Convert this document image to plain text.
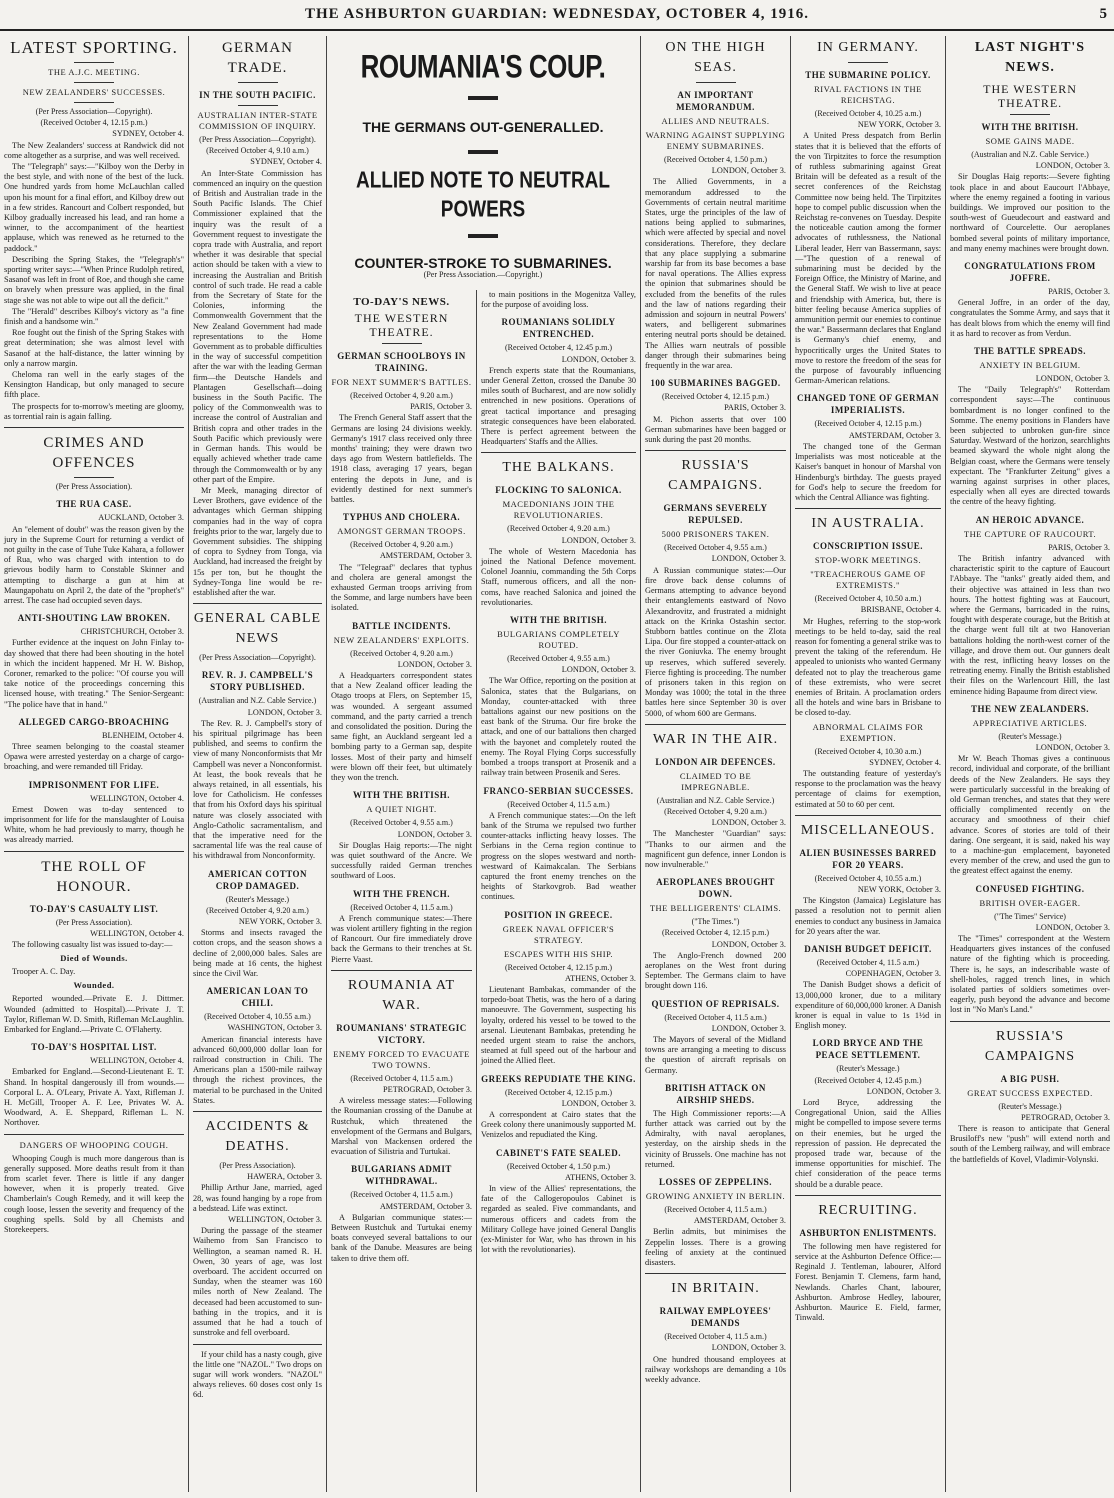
THE ASHBURTON GUARDIAN: WEDNESDAY, OCTOBER 4, 1916.	5
LATEST SPORTING.
THE A.J.C. MEETING.
NEW ZEALANDERS' SUCCESSES.

(Per Press Association—Copyright).

(Received October 4, 12.15 p.m.)

SYDNEY, October 4.

The New Zealanders' success at Randwick did not come altogether as a surprise, and was well received.

The "Telegraph" says:—"Kilboy won the Derby in the best style, and with none of the best of the luck. One hundred yards from home McLauchlan called upon his mount for a final effort, and Kilboy drew out in a few strides. Rancourt and Colbert responded, but Kilboy gradually increased his lead, and ran home a winner, to the accompaniment of the heartiest applause, which was renewed as he returned to the paddock."

Describing the Spring Stakes, the "Telegraph's" sporting writer says:—"When Prince Rudolph retired, Sasanof was left in front of Roe, and though she came on bravely when pressure was applied, in the final stage she was not able to wipe out all the deficit."

The "Herald" describes Kilboy's victory as "a fine finish and a handsome win."

Roe fought out the finish of the Spring Stakes with great determination; she was almost level with Sasanof at the half-distance, the latter winning by only a narrow margin.

Cheloma ran well in the early stages of the Kensington Handicap, but only managed to secure fifth place.

The prospects for to-morrow's meeting are gloomy, as torrential rain is again falling.

CRIMES AND OFFENCES

(Per Press Association).

THE RUA CASE.

AUCKLAND, October 3.

An "element of doubt" was the reason given by the jury in the Supreme Court for returning a verdict of not guilty in the case of Tuhe Tuke Kahara, a follower of Rua, who was charged with intention to do grievous bodily harm to Constable Skinner and attempting to discharge a gun at him at Maungapohatu on April 2, the date of the "prophet's" arrest. The case had occupied seven days.

ANTI-SHOUTING LAW BROKEN.

CHRISTCHURCH, October 3.

Further evidence at the inquest on John Finlay to-day showed that there had been shouting in the hotel in which the incident happened. Mr H. W. Bishop, Coroner, remarked to the police: "Of course you will take notice of the proceedings concerning this licensed house, with treating." The Senior-Sergeant: "The police have that in hand."

ALLEGED CARGO-BROACHING

BLENHEIM, October 4.

Three seamen belonging to the coastal steamer Opawa were arrested yesterday on a charge of cargo-broaching, and were remanded till Friday.

IMPRISONMENT FOR LIFE.

WELLINGTON, October 4.

Ernest Dowen was to-day sentenced to imprisonment for life for the manslaughter of Louisa White, whom he had previously to marry, though he was already married.

THE ROLL OF HONOUR.
TO-DAY'S CASUALTY LIST.

(Per Press Association).

WELLINGTON, October 4.

The following casualty list was issued to-day:—

Died of Wounds.

Trooper A. C. Day.

Wounded.

Reported wounded.—Private E. J. Dittmer. Wounded (admitted to Hospital).—Private J. T. Taylor, Rifleman W. D. Smith, Rifleman McLaughlin. Embarked for England.—Private C. O'Flaherty.

TO-DAY'S HOSPITAL LIST.

WELLINGTON, October 4.

Embarked for England.—Second-Lieutenant E. T. Shand. In hospital dangerously ill from wounds.—Corporal L. A. O'Leary, Private A. Yaxt, Rifleman J. H. McGill, Trooper A. F. Lee, Privates W. A. Woodward, A. E. Sheppard, Rifleman L. N. Northover.

DANGERS OF WHOOPING COUGH.

Whooping Cough is much more dangerous than is generally supposed. More deaths result from it than from scarlet fever. There is little if any danger however, when it is properly treated. Give Chamberlain's Cough Remedy, and it will keep the cough loose, lessen the severity and frequency of the coughing spells. Sold by all Chemists and Storekeepers.

GERMAN TRADE.
IN THE SOUTH PACIFIC.
AUSTRALIAN INTER-STATE COMMISSION OF INQUIRY.

(Per Press Association—Copyright).

(Received October 4, 9.10 a.m.)

SYDNEY, October 4.

An Inter-State Commission has commenced an inquiry on the question of British and Australian trade in the South Pacific Islands. The Chief Commissioner explained that the inquiry was the result of a Government request to investigate the copra trade with Australia, and report whether it was desirable that special action should be taken with a view to increasing the Australian and British control of such trade. He read a cable from the Secretary of State for the Colonies, informing the Commonwealth Government that the New Zealand Government had made representations to the Home Government as to probable difficulties in the way of successful competition after the war with the leading German firm—the Deutsche Handels and Plantagen Gesellschaft—doing business in the South Pacific. The policy of the Commonwealth was to increase the control of Australian and British copra and other trades in the South Pacific which previously were in German hands. This would be equally achieved whether trade came through the Commonwealth or by any other part of the Empire.

Mr Meek, managing director of Lever Brothers, gave evidence of the advantages which German shipping companies had in the way of copra freights prior to the war, largely due to Government subsidies. The shipping of copra to Sydney from Tonga, via Auckland, had increased the freight by 15s per ton, but he thought the Sydney-Tonga line would be re-established after the war.

GENERAL CABLE NEWS

(Per Press Association—Copyright).

REV. R. J. CAMPBELL'S STORY PUBLISHED.

(Australian and N.Z. Cable Service.)

LONDON, October 3.

The Rev. R. J. Campbell's story of his spiritual pilgrimage has been published, and seems to confirm the view of many Nonconformists that Mr Campbell was never a Nonconformist. At least, the book reveals that he always retained, in all essentials, his love for Catholicism. He confesses that from his Oxford days his spiritual nature was closely associated with Anglo-Catholic sacramentalism, and that the imperative need for the sacramental life was the real cause of his withdrawal from Nonconformity.

AMERICAN COTTON CROP DAMAGED.

(Reuter's Message.)

(Received October 4, 9.20 a.m.)

NEW YORK, October 3.

Storms and insects ravaged the cotton crops, and the season shows a decline of 2,000,000 bales. Sales are being made at 16 cents, the highest since the Civil War.

AMERICAN LOAN TO CHILI.

(Received October 4, 10.55 a.m.)

WASHINGTON, October 3.

American financial interests have advanced 60,000,000 dollar loan for railroad construction in Chili. The Americans plan a 1500-mile railway through the richest provinces, the material to be purchased in the United States.

ACCIDENTS & DEATHS.

(Per Press Association).

HAWERA, October 3.

Phillip Arthur Jane, married, aged 28, was found hanging by a rope from a bedstead. Life was extinct.

WELLINGTON, October 3.

During the passage of the steamer Waihemo from San Francisco to Wellington, a seaman named R. H. Owen, 30 years of age, was lost overboard. The accident occurred on Sunday, when the steamer was 160 miles north of New Zealand. The deceased had been accustomed to sun-bathing in the tropics, and it is assumed that he had a touch of sunstroke and fell overboard.

If your child has a nasty cough, give the little one "NAZOL." Two drops on sugar will work wonders. "NAZOL" always relieves. 60 doses cost only 1s 6d.

ROUMANIA'S COUP.
THE GERMANS OUT-GENERALLED.
ALLIED NOTE TO NEUTRAL POWERS
COUNTER-STROKE TO SUBMARINES.
(Per Press Association.—Copyright.)
TO-DAY'S NEWS.
THE WESTERN THEATRE.
GERMAN SCHOOLBOYS IN TRAINING.
FOR NEXT SUMMER'S BATTLES.

(Received October 4, 9.20 a.m.)

PARIS, October 3.

The French General Staff assert that the Germans are losing 24 divisions weekly. Germany's 1917 class received only three months' training; they were drawn two days ago from Western battlefields. The 1918 class, averaging 17 years, began entering the depots in June, and is evidently destined for next summer's battles.

TYPHUS AND CHOLERA.
AMONGST GERMAN TROOPS.

(Received October 4, 9.20 a.m.)

AMSTERDAM, October 3.

The "Telegraaf" declares that typhus and cholera are general amongst the exhausted German troops arriving from the Somme, and large numbers have been isolated.

BATTLE INCIDENTS.
NEW ZEALANDERS' EXPLOITS.

(Received October 4, 9.20 a.m.)

LONDON, October 3.

A Headquarters correspondent states that a New Zealand officer leading the Otago troops at Flers, on September 15, was wounded. A sergeant assumed command, and the party carried a trench and consolidated the position. During the same fight, an Auckland sergeant led a bombing party to a German sap, despite losses. Most of their party and himself were blown off their feet, but ultimately they won the trench.

WITH THE BRITISH.
A QUIET NIGHT.

(Received October 4, 9.55 a.m.)

LONDON, October 3.

Sir Douglas Haig reports:—The night was quiet southward of the Ancre. We successfully raided German trenches southward of Loos.

WITH THE FRENCH.

(Received October 4, 11.5 a.m.)

A French communique states:—There was violent artillery fighting in the region of Rancourt. Our fire immediately drove back the Germans to their trenches at St. Pierre Vaast.

ROUMANIA AT WAR.
ROUMANIANS' STRATEGIC VICTORY.
ENEMY FORCED TO EVACUATE TWO TOWNS.

(Received October 4, 11.5 a.m.)

PETROGRAD, October 3.

A wireless message states:—Following the Roumanian crossing of the Danube at Rustchuk, which threatened the envelopment of the Germans and Bulgars, Marshal von Mackensen ordered the evacuation of Silistria and Turtukai.

BULGARIANS ADMIT WITHDRAWAL.

(Received October 4, 11.5 a.m.)

AMSTERDAM, October 3.

A Bulgarian communique states:—Between Rustchuk and Turtukai enemy boats conveyed several battalions to our bank of the Danube. Measures are being taken to drive them off.

to main positions in the Mogenitza Valley, for the purpose of avoiding loss.

ROUMANIANS SOLIDLY ENTRENCHED.

(Received October 4, 12.45 p.m.)

LONDON, October 3.

French experts state that the Roumanians, under General Zetton, crossed the Danube 30 miles south of Bucharest, and are now solidly entrenched in new positions. Operations of great tactical importance and presaging strategic consequences have been elaborated. There is perfect agreement between the Headquarters' Staffs and the Allies.

THE BALKANS.
FLOCKING TO SALONICA.
MACEDONIANS JOIN THE REVOLUTIONARIES.

(Received October 4, 9.20 a.m.)

LONDON, October 3.

The whole of Western Macedonia has joined the National Defence movement. Colonel Joanniu, commanding the 5th Corps Staff, numerous officers, and all the non-coms, have reached Salonica and joined the revolutionaries.

WITH THE BRITISH.
BULGARIANS COMPLETELY ROUTED.

(Received October 4, 9.55 a.m.)

LONDON, October 3.

The War Office, reporting on the position at Salonica, states that the Bulgarians, on Monday, counter-attacked with three battalions against our new positions on the east bank of the Struma. Our fire broke the attack, and one of our battalions then charged with the bayonet and completely routed the enemy. The Royal Flying Corps successfully bombed a troops transport at Prosenik and a railway train between Prosenik and Seres.

FRANCO-SERBIAN SUCCESSES.

(Received October 4, 11.5 a.m.)

A French communique states:—On the left bank of the Struma we repulsed two further counter-attacks inflicting heavy losses. The Serbians in the Cerna region continue to progress on the slopes westward and north-westward of Kaimakcalan. The Serbians captured the front enemy trenches on the heights of Starkovgrob. Bad weather continues.

POSITION IN GREECE.
GREEK NAVAL OFFICER'S STRATEGY.
ESCAPES WITH HIS SHIP.

(Received October 4, 12.15 p.m.)

ATHENS, October 3.

Lieutenant Bambakas, commander of the torpedo-boat Thetis, was the hero of a daring manoeuvre. The Government, suspecting his loyalty, ordered his vessel to be towed to the arsenal. Lieutenant Bambakas, pretending he needed urgent steam to raise the anchors, steamed at full speed out of the harbour and joined the Allied fleet.

GREEKS REPUDIATE THE KING.

(Received October 4, 12.15 p.m.)

LONDON, October 3.

A correspondent at Cairo states that the Greek colony there unanimously supported M. Venizelos and repudiated the King.

CABINET'S FATE SEALED.

(Received October 4, 1.50 p.m.)

ATHENS, October 3.

In view of the Allies' representations, the fate of the Callogeropoulos Cabinet is regarded as sealed. Five commandants, and numerous officers and cadets from the Military College have joined General Danglis (ex-Minister for War, who has thrown in his lot with the revolutionaries).

ON THE HIGH SEAS.
AN IMPORTANT MEMORANDUM.
ALLIES AND NEUTRALS.
WARNING AGAINST SUPPLYING ENEMY SUBMARINES.

(Received October 4, 1.50 p.m.)

LONDON, October 3.

The Allied Governments, in a memorandum addressed to the Governments of certain neutral maritime States, urge the principles of the law of nations being applied to submarines, which were affected by special and novel considerations. Therefore, they declare that any place supplying a submarine warship far from its base becomes a base for naval operations. The Allies express the opinion that submarines should be excluded from the benefits of the rules and the law of nations regarding their admission and sojourn in neutral Powers' waters, and belligerent submarines entering neutral ports should be detained. The Allies warn neutrals of possible danger through their submarines being frequently in the war area.

100 SUBMARINES BAGGED.

(Received October 4, 12.15 p.m.)

PARIS, October 3.

M. Pichon asserts that over 100 German submarines have been bagged or sunk during the past 20 months.

RUSSIA'S CAMPAIGNS.
GERMANS SEVERELY REPULSED.
5000 PRISONERS TAKEN.

(Received October 4, 9.55 a.m.)

LONDON, October 3.

A Russian communique states:—Our fire drove back dense columns of Germans attempting to advance beyond their entanglements eastward of Novo Alexandrovitz, and frustrated a midnight attack on the Krinka Ostashin sector. Stubborn battles continue on the Zlota Lipa. Our fire stopped a counter-attack on the river Goniuvka. The enemy brought up reserves, which suffered severely. Fierce fighting is proceeding. The number of prisoners taken in this region on Monday was 1000; the total in the three battles here since September 30 is over 5000, of whom 600 are Germans.

WAR IN THE AIR.
LONDON AIR DEFENCES.
CLAIMED TO BE IMPREGNABLE.

(Australian and N.Z. Cable Service.)

(Received October 4, 9.20 a.m.)

LONDON, October 3.

The Manchester "Guardian" says: "Thanks to our airmen and the magnificent gun defence, inner London is now invulnerable."

AEROPLANES BROUGHT DOWN.
THE BELLIGERENTS' CLAIMS.

("The Times.")

(Received October 4, 12.15 p.m.)

LONDON, October 3.

The Anglo-French downed 200 aeroplanes on the West front during September. The Germans claim to have brought down 116.

QUESTION OF REPRISALS.

(Received October 4, 11.5 a.m.)

LONDON, October 3.

The Mayors of several of the Midland towns are arranging a meeting to discuss the question of aircraft reprisals on Germany.

BRITISH ATTACK ON AIRSHIP SHEDS.

The High Commissioner reports:—A further attack was carried out by the Admiralty, with naval aeroplanes, yesterday, on the airship sheds in the vicinity of Brussels. One machine has not returned.

LOSSES OF ZEPPELINS.
GROWING ANXIETY IN BERLIN.

(Received October 4, 11.5 a.m.)

AMSTERDAM, October 3.

Berlin admits, but minimises the Zeppelin losses. There is a growing feeling of anxiety at the continued disasters.

IN BRITAIN.
RAILWAY EMPLOYEES' DEMANDS

(Received October 4, 11.5 a.m.)

LONDON, October 3.

One hundred thousand employees at railway workshops are demanding a 10s weekly advance.

IN GERMANY.
THE SUBMARINE POLICY.
RIVAL FACTIONS IN THE REICHSTAG.

(Received October 4, 10.25 a.m.)

NEW YORK, October 3.

A United Press despatch from Berlin states that it is believed that the efforts of the von Tirpitzites to force the resumption of ruthless submarining against Great Britain will be defeated as a result of the secret conferences of the Reichstag Committee now being held. The Tirpitzites hope to compel public discussion when the Reichstag re-convenes on Tuesday. Despite the noticeable caution among the former advocates of ruthlessness, the National Liberal leader, Herr van Bassermann, says:—"The question of a renewal of submarining must be decided by the Foreign Office, the Ministry of Marine, and the General Staff. We wish to live at peace and friendship with America, but, there is bitter feeling because America supplies of ammunition permit our enemies to continue the war." Bassermann declares that England is Germany's chief enemy, and hypocritically urges the United States to move to restore the freedom of the seas for the purpose of favourably influencing German-American relations.

CHANGED TONE OF GERMAN IMPERIALISTS.

(Received October 4, 12.15 p.m.)

AMSTERDAM, October 3.

The changed tone of the German Imperialists was most noticeable at the Kaiser's banquet in honour of Marshal von Hindenburg's birthday. The guests prayed for God's help to secure the freedom for which the Central Alliance was fighting.

IN AUSTRALIA.
CONSCRIPTION ISSUE.
STOP-WORK MEETINGS.
"TREACHEROUS GAME OF EXTREMISTS."

(Received October 4, 10.50 a.m.)

BRISBANE, October 4.

Mr Hughes, referring to the stop-work meetings to be held to-day, said the real reason for fomenting a general strike was to prevent the taking of the referendum. He appealed to unionists who wanted Germany defeated not to play the treacherous game of these extremists, who were secret enemies of Britain. A proclamation orders all the hotels and wine bars in Brisbane to be closed to-day.

ABNORMAL CLAIMS FOR EXEMPTION.

(Received October 4, 10.30 a.m.)

SYDNEY, October 4.

The outstanding feature of yesterday's response to the proclamation was the heavy percentage of claims for exemption, estimated at 50 to 60 per cent.

MISCELLANEOUS.
ALIEN BUSINESSES BARRED FOR 20 YEARS.

(Received October 4, 10.55 a.m.)

NEW YORK, October 3.

The Kingston (Jamaica) Legislature has passed a resolution not to permit alien enemies to conduct any business in Jamaica for 20 years after the war.

DANISH BUDGET DEFICIT.

(Received October 4, 11.5 a.m.)

COPENHAGEN, October 3.

The Danish Budget shows a deficit of 13,000,000 kroner, due to a military expenditure of 60,000,000 kroner. A Danish kroner is equal in value to 1s 1½d in English money.

LORD BRYCE AND THE PEACE SETTLEMENT.

(Reuter's Message.)

(Received October 4, 12.45 p.m.)

LONDON, October 3.

Lord Bryce, addressing the Congregational Union, said the Allies might be compelled to impose severe terms on their enemies, but he urged the repression of passion. He deprecated the proposed trade war, because of the immense opportunities for mischief. The chief consideration of the peace terms should be a durable peace.

RECRUITING.
ASHBURTON ENLISTMENTS.

The following men have registered for service at the Ashburton Defence Office:—Reginald J. Tentleman, labourer, Alford Forest. Benjamin T. Clemens, farm hand, Newlands. Charles Chant, labourer, Ashburton. Ambrose Hedley, labourer, Ashburton. Maurice E. Field, farmer, Tinwald.

LAST NIGHT'S NEWS.
THE WESTERN THEATRE.
WITH THE BRITISH.
SOME GAINS MADE.

(Australian and N.Z. Cable Service.)

LONDON, October 3.

Sir Douglas Haig reports:—Severe fighting took place in and about Eaucourt l'Abbaye, where the enemy regained a footing in various buildings. We improved our position to the south-west of Gueudecourt and eastward and northward of Courcelette. Our aeroplanes bombed several points of military importance, and many enemy machines were brought down.

CONGRATULATIONS FROM JOFFRE.

PARIS, October 3.

General Joffre, in an order of the day, congratulates the Somme Army, and says that it has dealt blows from which the enemy will find it as hard to recover as from Verdun.

THE BATTLE SPREADS.
ANXIETY IN BELGIUM.

LONDON, October 3.

The "Daily Telegraph's" Rotterdam correspondent says:—The continuous bombardment is no longer confined to the Somme. The enemy positions in Flanders have been subjected to unbroken gun-fire since Saturday. Westward of the horizon, searchlights beamed skyward the whole night along the Belgian coast, where the Germans were tensely expectant. The "Frankfurter Zeitung" gives a warning against surprises in other places, especially when all eyes are directed towards the centre of the heavy fighting.

AN HEROIC ADVANCE.
THE CAPTURE OF RAUCOURT.

PARIS, October 3.

The British infantry advanced with characteristic spirit to the capture of Eaucourt l'Abbaye. The "tanks" greatly aided them, and their objective was attained in less than two hours. The hottest fighting was at Eaucourt, where the Germans, barricaded in the ruins, fought with desperate courage, but the British at the charge went full tilt at two Hanoverian battalions holding the north-west corner of the village, and drove them out. Our gunners dealt with the rest, inflicting heavy losses on the retreating enemy. Finally the British established their files on the Warlencourt Hill, the last eminence hiding Bapaume from direct view.

THE NEW ZEALANDERS.
APPRECIATIVE ARTICLES.

(Reuter's Message.)

LONDON, October 3.

Mr W. Beach Thomas gives a continuous record, individual and corporate, of the brilliant deeds of the New Zealanders. He says they were particularly successful in the breaking of old German trenches, and states that they were officially complimented recently on the accuracy and smoothness of their chief advance. Scores of stories are told of their daring. One sergeant, it is said, naked his way to a machine-gun emplacement, bayoneted every member of the crew, and used the gun to the greatest effect against the enemy.

CONFUSED FIGHTING.
BRITISH OVER-EAGER.

("The Times" Service)

LONDON, October 3.

The "Times" correspondent at the Western Headquarters gives instances of the confused nature of the fighting which is proceeding. There is, he says, an indescribable waste of shell-holes, ragged trench lines, in which isolated parties of soldiers sometimes over-eagerly, push beyond the advance and become lost in "No Man's Land."

RUSSIA'S CAMPAIGNS
A BIG PUSH.
GREAT SUCCESS EXPECTED.

(Reuter's Message.)

PETROGRAD, October 3.

There is reason to anticipate that General Brusiloff's new "push" will extend north and south of the Lemberg railway, and will embrace the battlefields of Kovel, Vladimir-Volynski.
